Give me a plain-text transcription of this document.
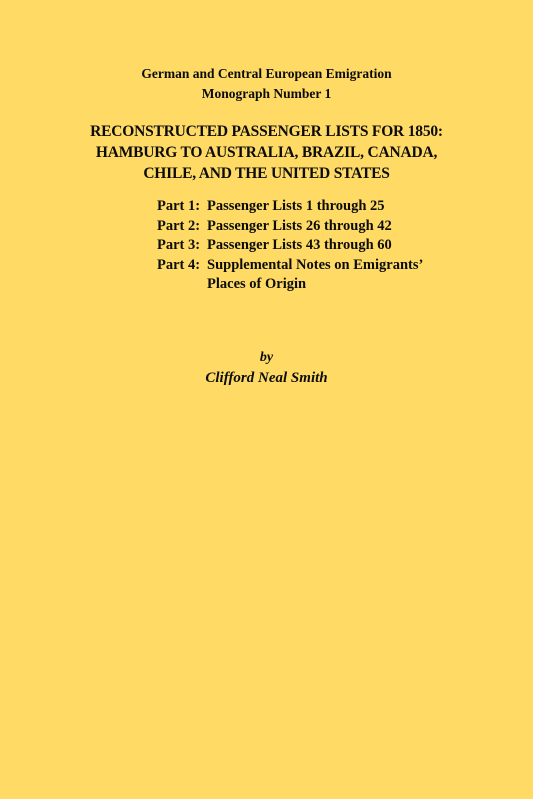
German and Central European Emigration
Monograph Number 1
RECONSTRUCTED PASSENGER LISTS FOR 1850:
HAMBURG TO AUSTRALIA, BRAZIL, CANADA,
CHILE, AND THE UNITED STATES
Part 1: Passenger Lists 1 through 25
Part 2: Passenger Lists 26 through 42
Part 3: Passenger Lists 43 through 60
Part 4: Supplemental Notes on Emigrants’
Places of Origin
by
Clifford Neal Smith
